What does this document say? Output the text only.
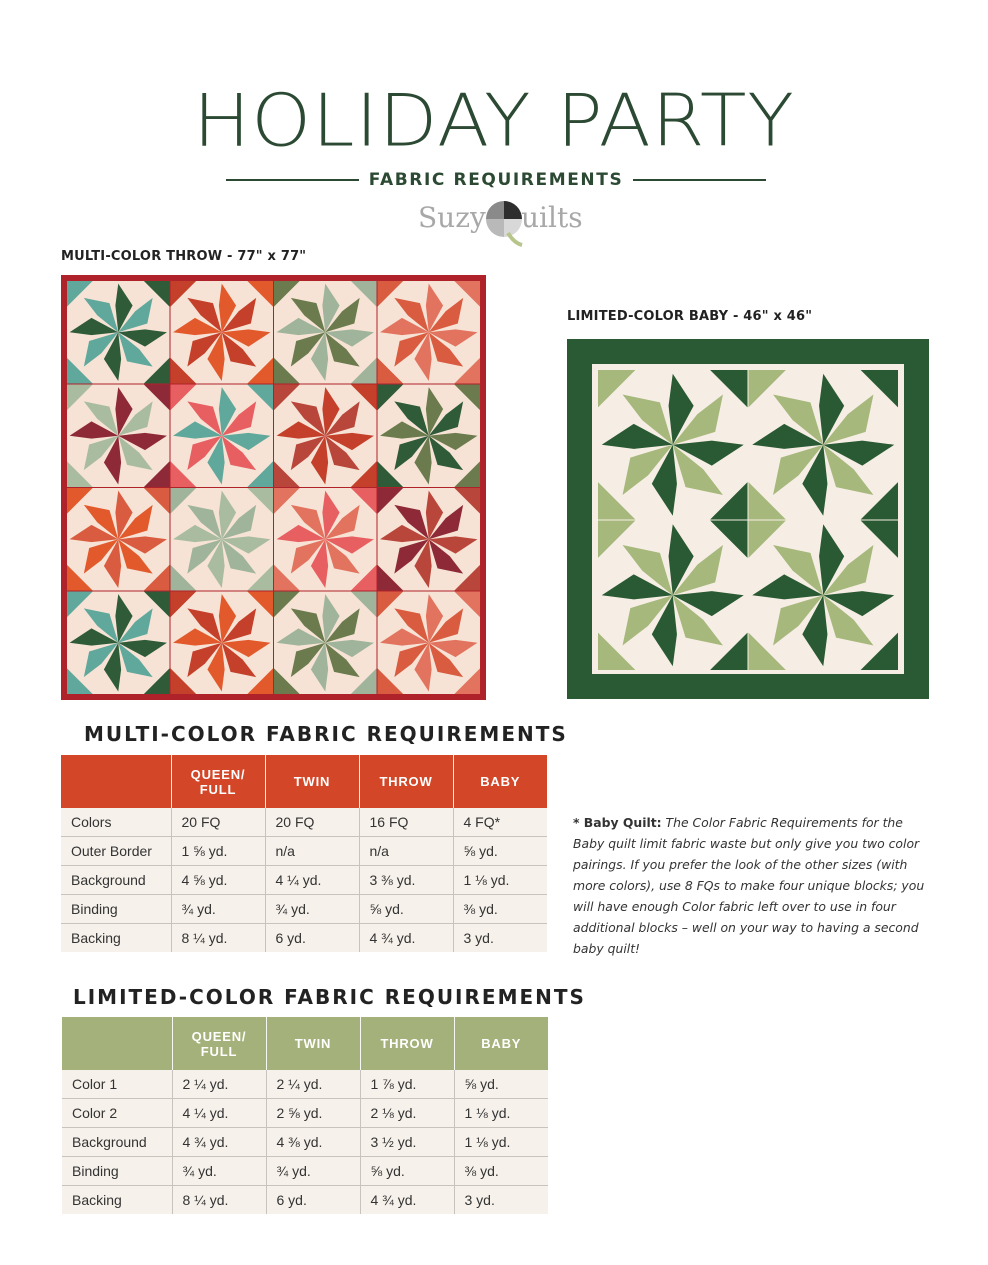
HOLIDAY PARTY
FABRIC REQUIREMENTS
Suzy uilts
MULTI-COLOR THROW - 77" x 77"
LIMITED-COLOR BABY - 46" x 46"
MULTI-COLOR FABRIC REQUIREMENTS
	QUEEN/
FULL	TWIN	THROW	BABY
Colors	20 FQ	20 FQ	16 FQ	4 FQ*
Outer Border	1 ⅝ yd.	n/a	n/a	⅝ yd.
Background	4 ⅝ yd.	4 ¼ yd.	3 ⅜ yd.	1 ⅛ yd.
Binding	¾ yd.	¾ yd.	⅝ yd.	⅜ yd.
Backing	8 ¼ yd.	6 yd.	4 ¾ yd.	3 yd.
* Baby Quilt: The Color Fabric Requirements for the Baby quilt limit fabric waste but only give you two color pairings. If you prefer the look of the other sizes (with more colors), use 8 FQs to make four unique blocks; you will have enough Color fabric left over to use in four additional blocks – well on your way to having a second baby quilt!
LIMITED-COLOR FABRIC REQUIREMENTS
	QUEEN/
FULL	TWIN	THROW	BABY
Color 1	2 ¼ yd.	2 ¼ yd.	1 ⅞ yd.	⅝ yd.
Color 2	4 ¼ yd.	2 ⅝ yd.	2 ⅛ yd.	1 ⅛ yd.
Background	4 ¾ yd.	4 ⅜ yd.	3 ½ yd.	1 ⅛ yd.
Binding	¾ yd.	¾ yd.	⅝ yd.	⅜ yd.
Backing	8 ¼ yd.	6 yd.	4 ¾ yd.	3 yd.
